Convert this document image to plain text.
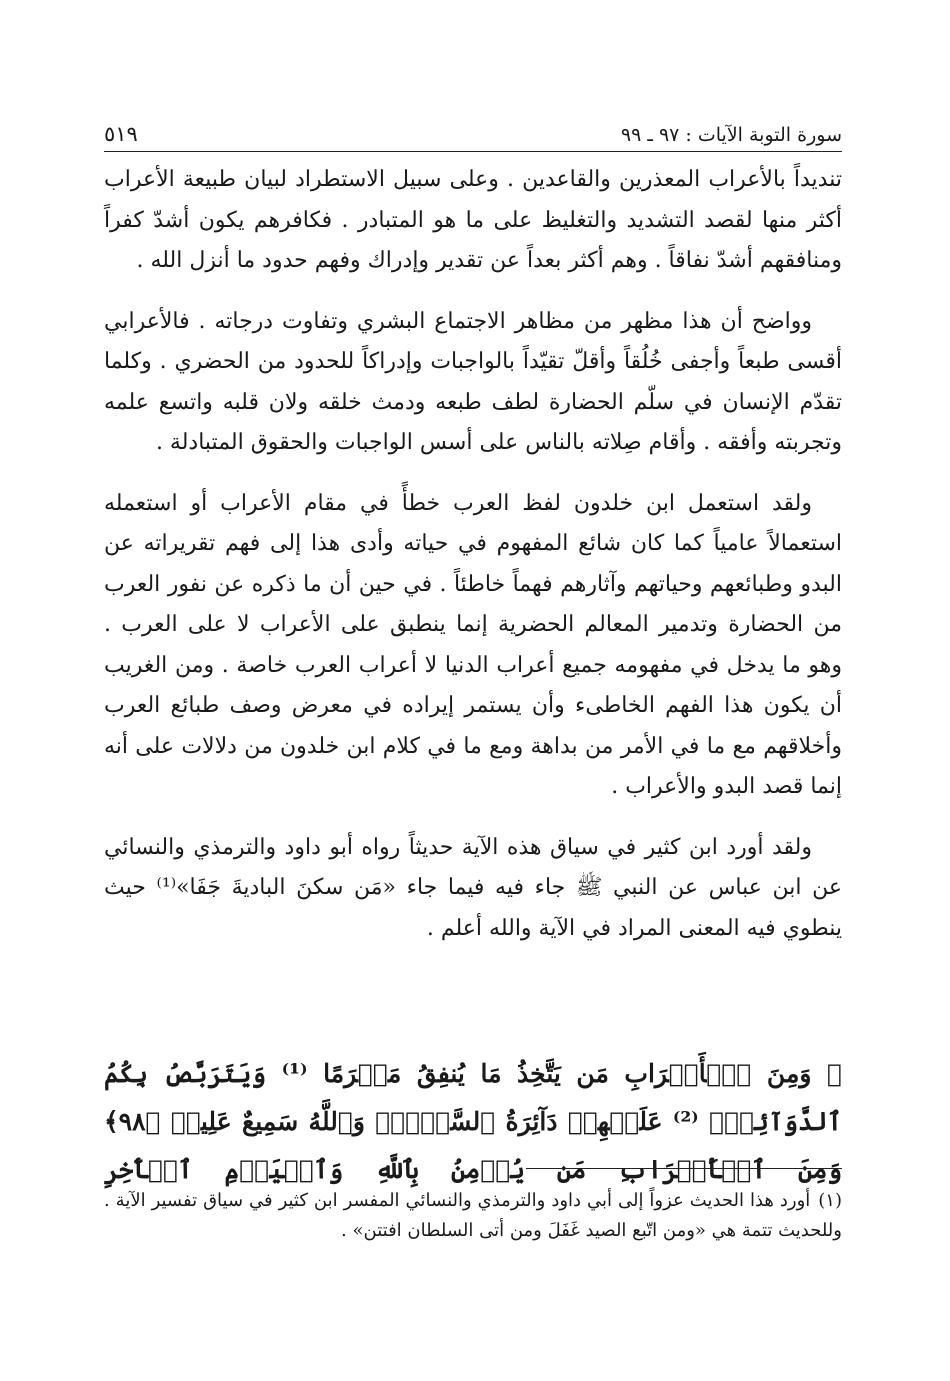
سورة التوبة الآيات : ٩٧ ـ ٩٩
٥١٩

تنديداً بالأعراب المعذرين والقاعدين . وعلى سبيل الاستطراد لبيان طبيعة الأعراب أكثر منها لقصد التشديد والتغليظ على ما هو المتبادر . فكافرهم يكون أشدّ كفراً ومنافقهم أشدّ نفاقاً . وهم أكثر بعداً عن تقدير وإدراك وفهم حدود ما أنزل الله .

وواضح أن هذا مظهر من مظاهر الاجتماع البشري وتفاوت درجاته . فالأعرابي أقسى طبعاً وأجفى خُلُقاً وأقلّ تقيّداً بالواجبات وإدراكاً للحدود من الحضري . وكلما تقدّم الإنسان في سلّم الحضارة لطف طبعه ودمث خلقه ولان قلبه واتسع علمه وتجربته وأفقه . وأقام صِلاته بالناس على أسس الواجبات والحقوق المتبادلة .

ولقد استعمل ابن خلدون لفظ العرب خطأً في مقام الأعراب أو استعمله استعمالاً عامياً كما كان شائع المفهوم في حياته وأدى هذا إلى فهم تقريراته عن البدو وطبائعهم وحياتهم وآثارهم فهماً خاطئاً . في حين أن ما ذكره عن نفور العرب من الحضارة وتدمير المعالم الحضرية إنما ينطبق على الأعراب لا على العرب . وهو ما يدخل في مفهومه جميع أعراب الدنيا لا أعراب العرب خاصة . ومن الغريب أن يكون هذا الفهم الخاطىء وأن يستمر إيراده في معرض وصف طبائع العرب وأخلاقهم مع ما في الأمر من بداهة ومع ما في كلام ابن خلدون من دلالات على أنه إنما قصد البدو والأعراب .

ولقد أورد ابن كثير في سياق هذه الآية حديثاً رواه أبو داود والترمذي والنسائي عن ابن عباس عن النبي ﷺ جاء فيه فيما جاء «مَن سكنَ الباديةَ جَفَا»⁽¹⁾ حيث ينطوي فيه المعنى المراد في الآية والله أعلم .

﴿ وَمِنَ ٱلۡأَعۡرَابِ مَن يَتَّخِذُ مَا يُنفِقُ مَغۡرَمًا ⁽¹⁾ وَيَتَرَبَّصُ بِكُمُ ٱلدَّوَآئِرَۚ ⁽²⁾ عَلَيۡهِمۡ دَآئِرَةُ ٱلسَّوۡءِۗ وَٱللَّهُ سَمِيعٌ عَلِيمٞ ﴿٩٨﴾ وَمِنَ ٱلۡأَعۡرَابِ مَن يُؤۡمِنُ بِٱللَّهِ وَٱلۡيَوۡمِ ٱلۡأٓخِرِ
(١)أورد هذا الحديث عزواً إلى أبي داود والترمذي والنسائي المفسر ابن كثير في سياق تفسير الآية . وللحديث تتمة هي «ومن اتّبع الصيد غَفَلَ ومن أتى السلطان افتتن» .
